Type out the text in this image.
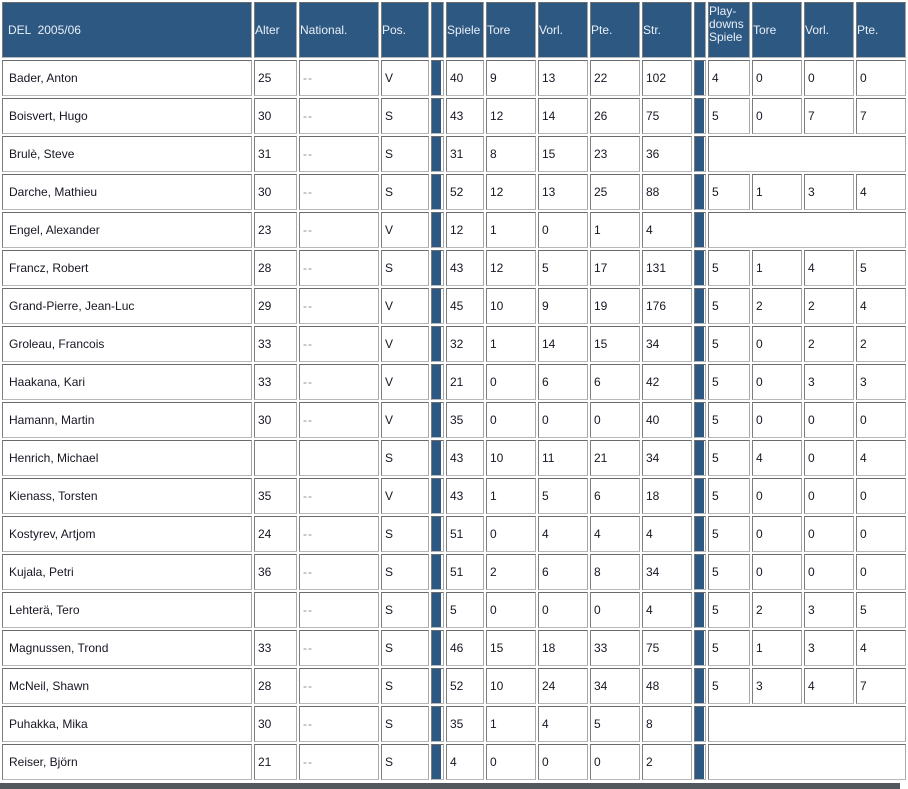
DEL  2005/06	Alter	National.	Pos.		Spiele	Tore	Vorl.	Pte.	Str.		Play-downs Spiele	Tore	Vorl.	Pte.
Bader, Anton	25	--	V		40	9	13	22	102		4	0	0	0
Boisvert, Hugo	30	--	S		43	12	14	26	75		5	0	7	7
Brulè, Steve	31	--	S		31	8	15	23	36					
Darche, Mathieu	30	--	S		52	12	13	25	88		5	1	3	4
Engel, Alexander	23	--	V		12	1	0	1	4					
Francz, Robert	28	--	S		43	12	5	17	131		5	1	4	5
Grand-Pierre, Jean-Luc	29	--	V		45	10	9	19	176		5	2	2	4
Groleau, Francois	33	--	V		32	1	14	15	34		5	0	2	2
Haakana, Kari	33	--	V		21	0	6	6	42		5	0	3	3
Hamann, Martin	30	--	V		35	0	0	0	40		5	0	0	0
Henrich, Michael			S		43	10	11	21	34		5	4	0	4
Kienass, Torsten	35	--	V		43	1	5	6	18		5	0	0	0
Kostyrev, Artjom	24	--	S		51	0	4	4	4		5	0	0	0
Kujala, Petri	36	--	S		51	2	6	8	34		5	0	0	0
Lehterä, Tero		--	S		5	0	0	0	4		5	2	3	5
Magnussen, Trond	33	--	S		46	15	18	33	75		5	1	3	4
McNeil, Shawn	28	--	S		52	10	24	34	48		5	3	4	7
Puhakka, Mika	30	--	S		35	1	4	5	8					
Reiser, Björn	21	--	S		4	0	0	0	2					
